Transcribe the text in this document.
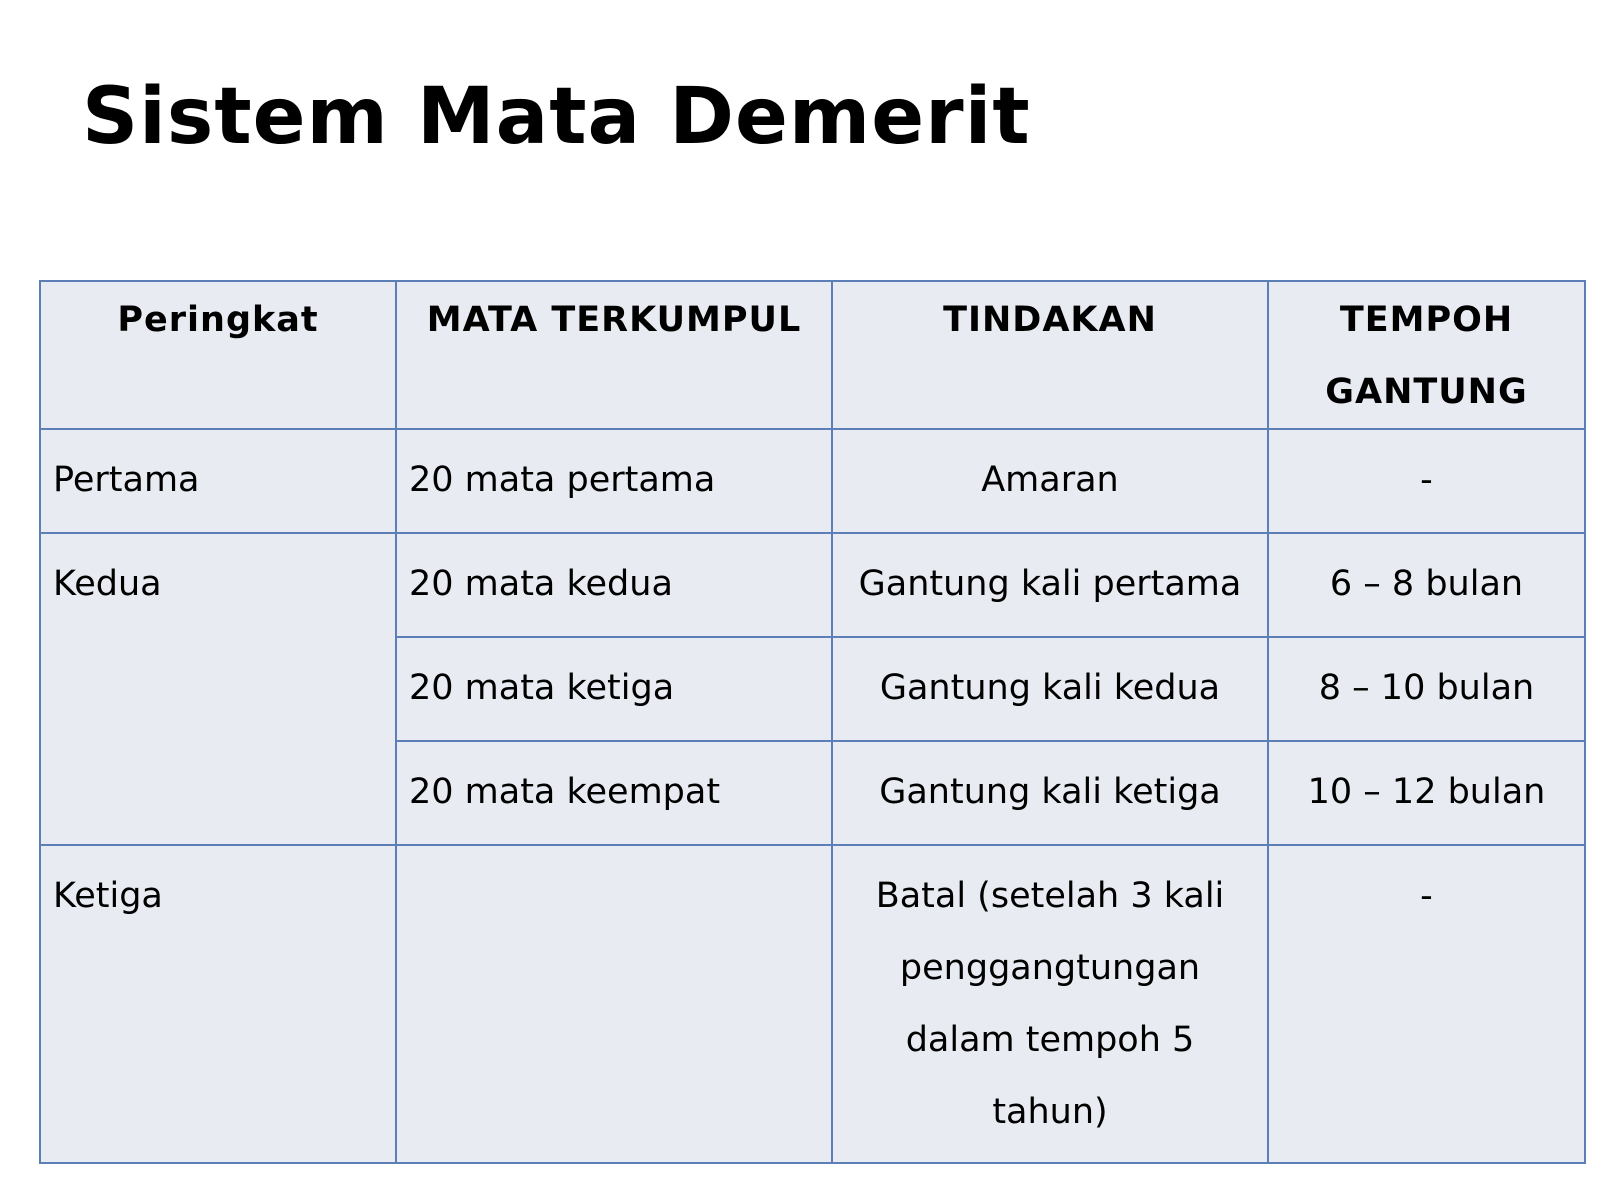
Sistem Mata Demerit
Peringkat	MATA TERKUMPUL	TINDAKAN	TEMPOH GANTUNG
Pertama	20 mata pertama	Amaran	-
Kedua	20 mata kedua	Gantung kali pertama	6 – 8 bulan
	20 mata ketiga	Gantung kali kedua	8 – 10 bulan
	20 mata keempat	Gantung kali ketiga	10 – 12 bulan
Ketiga		Batal (setelah 3 kali penggangtungan dalam tempoh 5 tahun)	-
